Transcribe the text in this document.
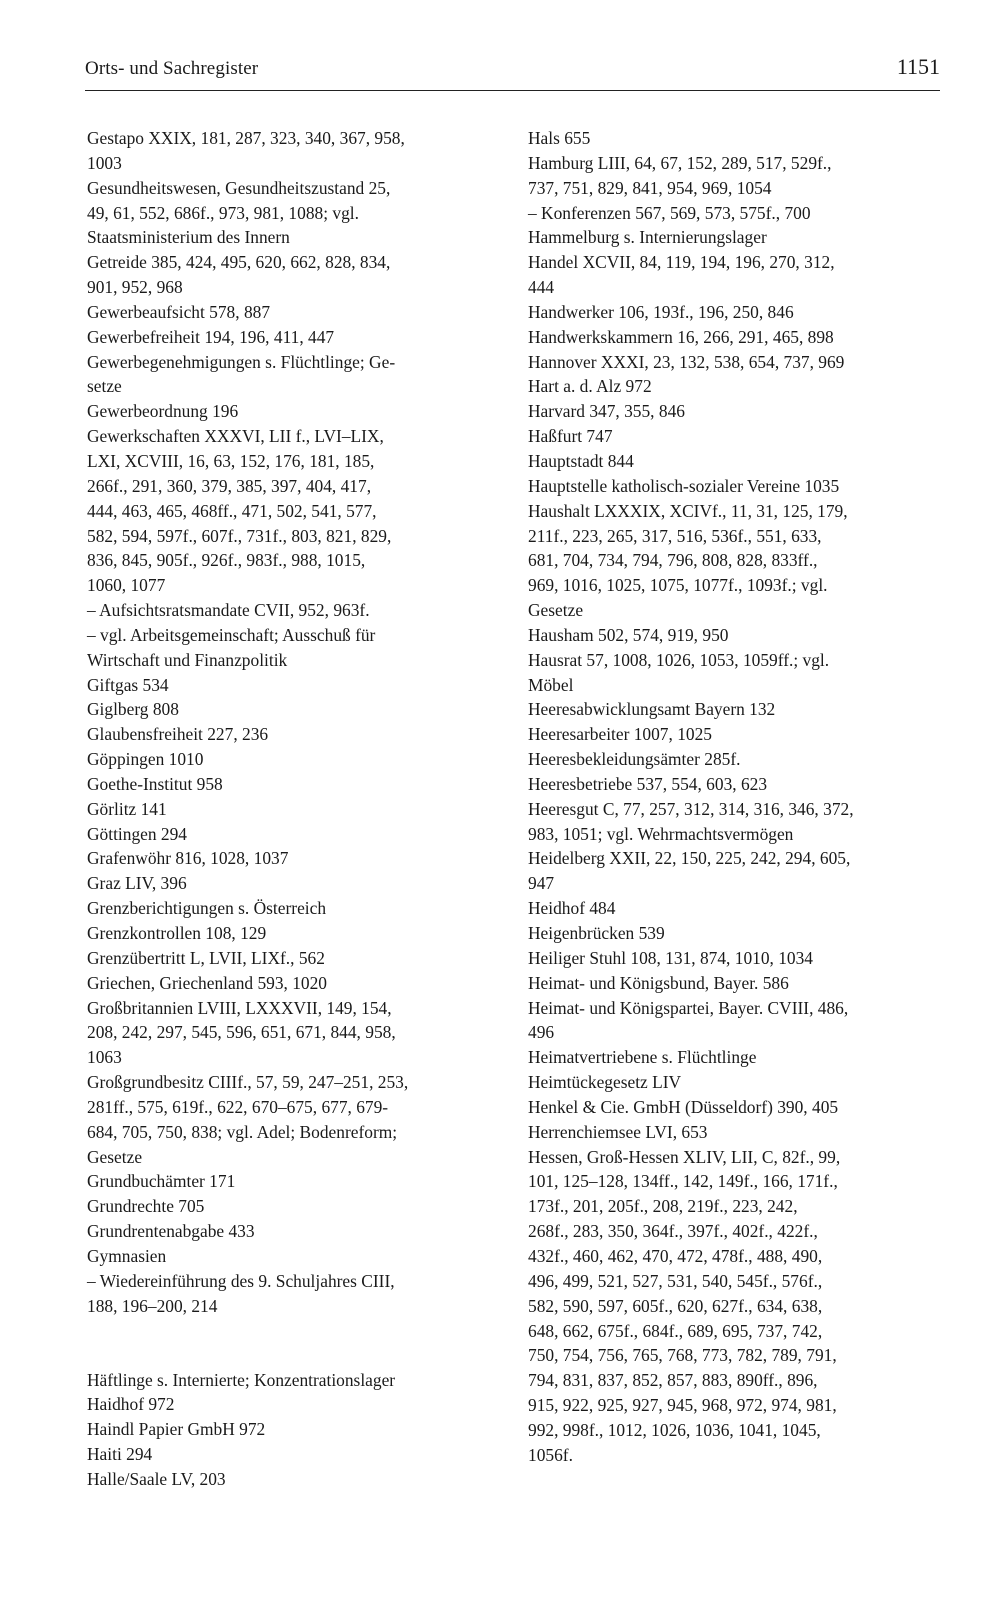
Orts- und Sachregister	1151
Gestapo XXIX, 181, 287, 323, 340, 367, 958,
1003
Gesundheitswesen, Gesundheitszustand 25,
49, 61, 552, 686f., 973, 981, 1088; vgl.
Staatsministerium des Innern
Getreide 385, 424, 495, 620, 662, 828, 834,
901, 952, 968
Gewerbeaufsicht 578, 887
Gewerbefreiheit 194, 196, 411, 447
Gewerbegenehmigungen s. Flüchtlinge; Ge-
setze
Gewerbeordnung 196
Gewerkschaften XXXVI, LII f., LVI–LIX,
LXI, XCVIII, 16, 63, 152, 176, 181, 185,
266f., 291, 360, 379, 385, 397, 404, 417,
444, 463, 465, 468ff., 471, 502, 541, 577,
582, 594, 597f., 607f., 731f., 803, 821, 829,
836, 845, 905f., 926f., 983f., 988, 1015,
1060, 1077
– Aufsichtsratsmandate CVII, 952, 963f.
– vgl. Arbeitsgemeinschaft; Ausschuß für
Wirtschaft und Finanzpolitik
Giftgas 534
Giglberg 808
Glaubensfreiheit 227, 236
Göppingen 1010
Goethe-Institut 958
Görlitz 141
Göttingen 294
Grafenwöhr 816, 1028, 1037
Graz LIV, 396
Grenzberichtigungen s. Österreich
Grenzkontrollen 108, 129
Grenzübertritt L, LVII, LIXf., 562
Griechen, Griechenland 593, 1020
Großbritannien LVIII, LXXXVII, 149, 154,
208, 242, 297, 545, 596, 651, 671, 844, 958,
1063
Großgrundbesitz CIIIf., 57, 59, 247–251, 253,
281ff., 575, 619f., 622, 670–675, 677, 679-
684, 705, 750, 838; vgl. Adel; Bodenreform;
Gesetze
Grundbuchämter 171
Grundrechte 705
Grundrentenabgabe 433
Gymnasien
– Wiedereinführung des 9. Schuljahres CIII,
188, 196–200, 214
Häftlinge s. Internierte; Konzentrationslager
Haidhof 972
Haindl Papier GmbH 972
Haiti 294
Halle/Saale LV, 203
Hals 655
Hamburg LIII, 64, 67, 152, 289, 517, 529f.,
737, 751, 829, 841, 954, 969, 1054
– Konferenzen 567, 569, 573, 575f., 700
Hammelburg s. Internierungslager
Handel XCVII, 84, 119, 194, 196, 270, 312,
444
Handwerker 106, 193f., 196, 250, 846
Handwerkskammern 16, 266, 291, 465, 898
Hannover XXXI, 23, 132, 538, 654, 737, 969
Hart a. d. Alz 972
Harvard 347, 355, 846
Haßfurt 747
Hauptstadt 844
Hauptstelle katholisch-sozialer Vereine 1035
Haushalt LXXXIX, XCIVf., 11, 31, 125, 179,
211f., 223, 265, 317, 516, 536f., 551, 633,
681, 704, 734, 794, 796, 808, 828, 833ff.,
969, 1016, 1025, 1075, 1077f., 1093f.; vgl.
Gesetze
Hausham 502, 574, 919, 950
Hausrat 57, 1008, 1026, 1053, 1059ff.; vgl.
Möbel
Heeresabwicklungsamt Bayern 132
Heeresarbeiter 1007, 1025
Heeresbekleidungsämter 285f.
Heeresbetriebe 537, 554, 603, 623
Heeresgut C, 77, 257, 312, 314, 316, 346, 372,
983, 1051; vgl. Wehrmachtsvermögen
Heidelberg XXII, 22, 150, 225, 242, 294, 605,
947
Heidhof 484
Heigenbrücken 539
Heiliger Stuhl 108, 131, 874, 1010, 1034
Heimat- und Königsbund, Bayer. 586
Heimat- und Königspartei, Bayer. CVIII, 486,
496
Heimatvertriebene s. Flüchtlinge
Heimtückegesetz LIV
Henkel & Cie. GmbH (Düsseldorf) 390, 405
Herrenchiemsee LVI, 653
Hessen, Groß-Hessen XLIV, LII, C, 82f., 99,
101, 125–128, 134ff., 142, 149f., 166, 171f.,
173f., 201, 205f., 208, 219f., 223, 242,
268f., 283, 350, 364f., 397f., 402f., 422f.,
432f., 460, 462, 470, 472, 478f., 488, 490,
496, 499, 521, 527, 531, 540, 545f., 576f.,
582, 590, 597, 605f., 620, 627f., 634, 638,
648, 662, 675f., 684f., 689, 695, 737, 742,
750, 754, 756, 765, 768, 773, 782, 789, 791,
794, 831, 837, 852, 857, 883, 890ff., 896,
915, 922, 925, 927, 945, 968, 972, 974, 981,
992, 998f., 1012, 1026, 1036, 1041, 1045,
1056f.
